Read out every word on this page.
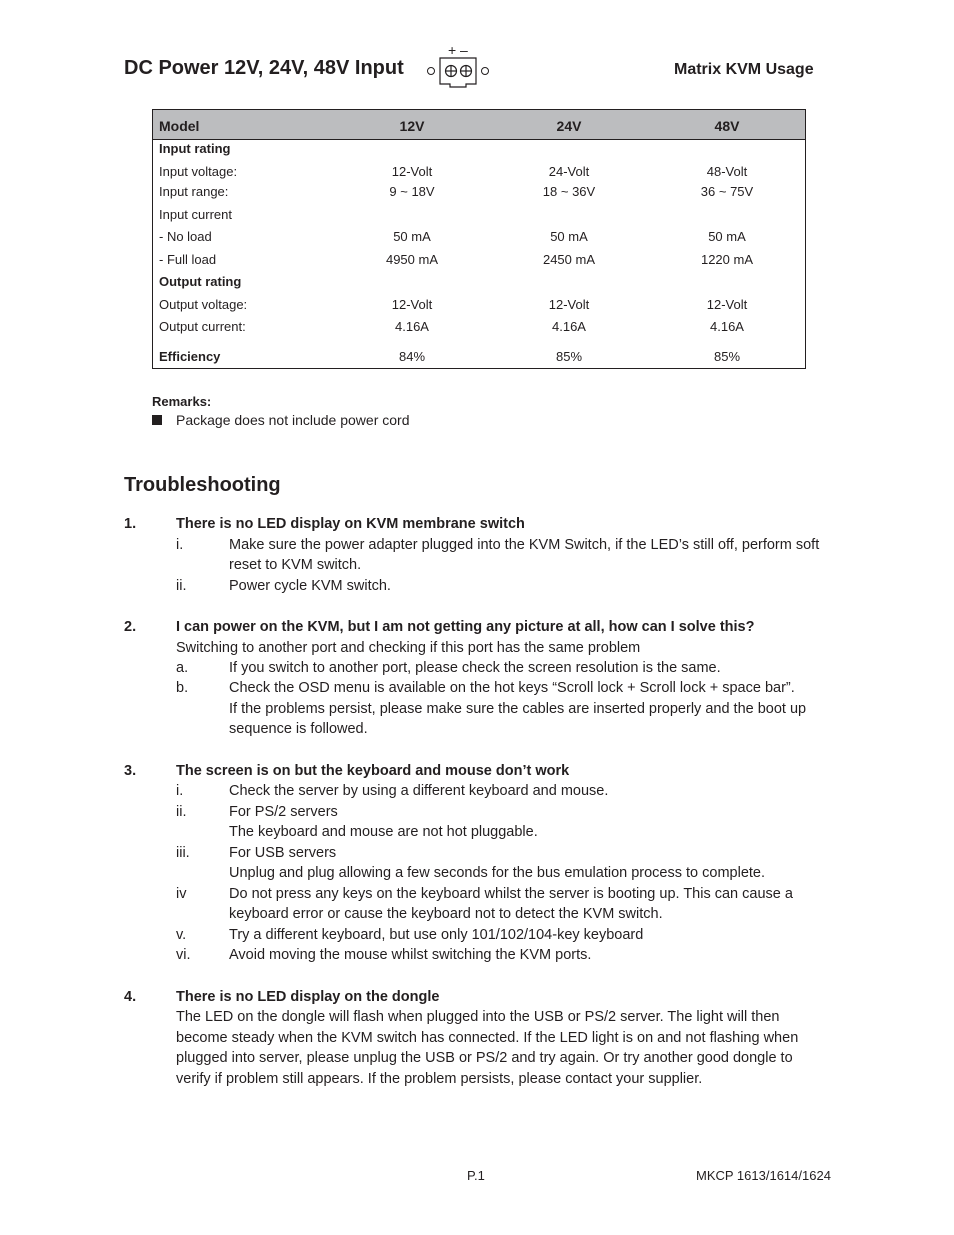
DC Power 12V, 24V, 48V Input
+ –
Matrix KVM Usage
Model	12V	24V	48V
Input rating
Input voltage:	12-Volt	24-Volt	48-Volt
Input range:	9 ~ 18V	18 ~ 36V	36 ~ 75V
Input current
- No load	50 mA	50 mA	50 mA
- Full load	4950 mA	2450 mA	1220 mA
Output rating
Output voltage:	12-Volt	12-Volt	12-Volt
Output current:	4.16A	4.16A	4.16A
Efficiency	84%	85%	85%
Remarks:
Package does not include power cord
Troubleshooting
1.	There is no LED display on KVM membrane switch
i.	Make sure the power adapter plugged into the KVM Switch, if the LED’s still off, perform soft
reset to KVM switch.
ii.	Power cycle KVM switch.
2.	I can power on the KVM, but I am not getting any picture at all, how can I solve this?
Switching to another port and checking if this port has the same problem
a.	If you switch to another port, please check the screen resolution is the same.
b.	Check the OSD menu is available on the hot keys “Scroll lock + Scroll lock + space bar”.
If the problems persist, please make sure the cables are inserted properly and the boot up
sequence is followed.
3.	The screen is on but the keyboard and mouse don’t work
i.	Check the server by using a different keyboard and mouse.
ii.	For PS/2 servers
The keyboard and mouse are not hot pluggable.
iii.	For USB servers
Unplug and plug allowing a few seconds for the bus emulation process to complete.
iv	Do not press any keys on the keyboard whilst the server is booting up. This can cause a
keyboard error or cause the keyboard not to detect the KVM switch.
v.	Try a different keyboard, but use only 101/102/104-key keyboard
vi.	Avoid moving the mouse whilst switching the KVM ports.
4.	There is no LED display on the dongle
The LED on the dongle will flash when plugged into the USB or PS/2 server. The light will then
become steady when the KVM switch has connected. If the LED light is on and not flashing when
plugged into server, please unplug the USB or PS/2 and try again. Or try another good dongle to
verify if problem still appears. If the problem persists, please contact your supplier.
P.1	MKCP 1613/1614/1624
